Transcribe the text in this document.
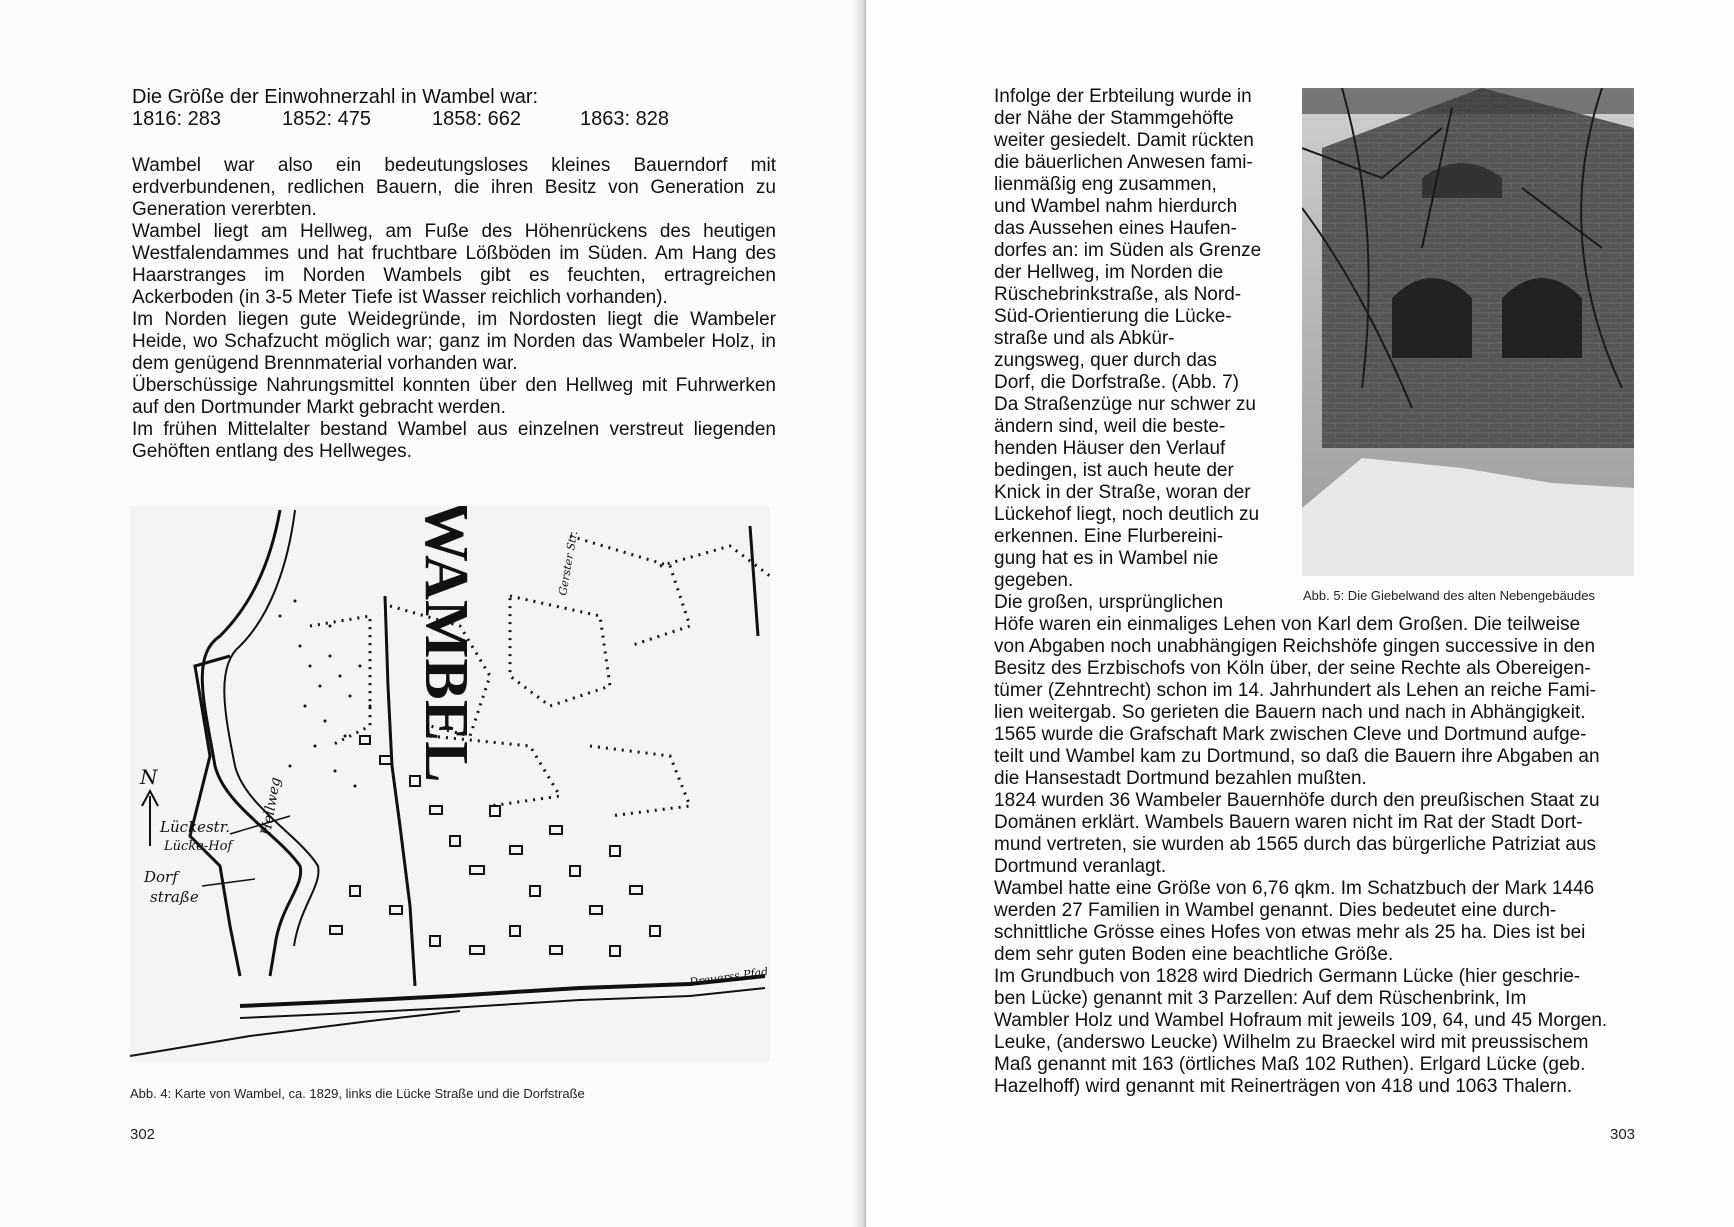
Die Größe der Einwohnerzahl in Wambel war:
1816: 283	1852: 475	1858: 662	1863: 828

Wambel war also ein bedeutungsloses kleines Bauerndorf mit erdverbundenen, redlichen Bauern, die ihren Besitz von Generation zu Generation vererbten.

Wambel liegt am Hellweg, am Fuße des Höhenrückens des heutigen Westfalendammes und hat fruchtbare Lößböden im Süden. Am Hang des Haarstranges im Norden Wambels gibt es feuchten, ertragreichen Ackerboden (in 3-5 Meter Tiefe ist Wasser reichlich vorhanden).

Im Norden liegen gute Weidegründe, im Nordosten liegt die Wambeler Heide, wo Schafzucht möglich war; ganz im Norden das Wambeler Holz, in dem genügend Brennmaterial vorhanden war.

Überschüssige Nahrungsmittel konnten über den Hellweg mit Fuhrwerken auf den Dortmunder Markt gebracht werden.

Im frühen Mittelalter bestand Wambel aus einzelnen verstreut liegenden Gehöften entlang des Hellweges.

WAMBEL
N
Lückestr.
Lücke-Hof
Dorf
straße
Hellweg
Gerster Str.
Dreuerss Pfad
Abb. 4: Karte von Wambel, ca. 1829, links die Lücke Straße und die Dorfstraße
302
Infolge der Erbteilung wurde in
der Nähe der Stammgehöfte
weiter gesiedelt. Damit rückten
die bäuerlichen Anwesen fami-
lienmäßig eng zusammen,
und Wambel nahm hierdurch
das Aussehen eines Haufen-
dorfes an: im Süden als Grenze
der Hellweg, im Norden die
Rüschebrinkstraße, als Nord-
Süd-Orientierung die Lücke-
straße und als Abkür-
zungsweg, quer durch das
Dorf, die Dorfstraße. (Abb. 7)
Da Straßenzüge nur schwer zu
ändern sind, weil die beste-
henden Häuser den Verlauf
bedingen, ist auch heute der
Knick in der Straße, woran der
Lückehof liegt, noch deutlich zu
erkennen. Eine Flurbereini-
gung hat es in Wambel nie
gegeben.
Die großen, ursprünglichen
Höfe waren ein einmaliges Lehen von Karl dem Großen. Die teilweise
von Abgaben noch unabhängigen Reichshöfe gingen successive in den
Besitz des Erzbischofs von Köln über, der seine Rechte als Obereigen-
tümer (Zehntrecht) schon im 14. Jahrhundert als Lehen an reiche Fami-
lien weitergab. So gerieten die Bauern nach und nach in Abhängigkeit.
1565 wurde die Grafschaft Mark zwischen Cleve und Dortmund aufge-
teilt und Wambel kam zu Dortmund, so daß die Bauern ihre Abgaben an
die Hansestadt Dortmund bezahlen mußten.
1824 wurden 36 Wambeler Bauernhöfe durch den preußischen Staat zu
Domänen erklärt. Wambels Bauern waren nicht im Rat der Stadt Dort-
mund vertreten, sie wurden ab 1565 durch das bürgerliche Patriziat aus
Dortmund veranlagt.
Wambel hatte eine Größe von 6,76 qkm. Im Schatzbuch der Mark 1446
werden 27 Familien in Wambel genannt. Dies bedeutet eine durch-
schnittliche Grösse eines Hofes von etwas mehr als 25 ha. Dies ist bei
dem sehr guten Boden eine beachtliche Größe.
Im Grundbuch von 1828 wird Diedrich Germann Lücke (hier geschrie-
ben Lücke) genannt mit 3 Parzellen: Auf dem Rüschenbrink, Im
Wambler Holz und Wambel Hofraum mit jeweils 109, 64, und 45 Morgen.
Leuke, (anderswo Leucke) Wilhelm zu Braeckel wird mit preussischem
Maß genannt mit 163 (örtliches Maß 102 Ruthen). Erlgard Lücke (geb.
Hazelhoff) wird genannt mit Reinerträgen von 418 und 1063 Thalern.
Abb. 5: Die Giebelwand des alten Nebengebäudes
303
